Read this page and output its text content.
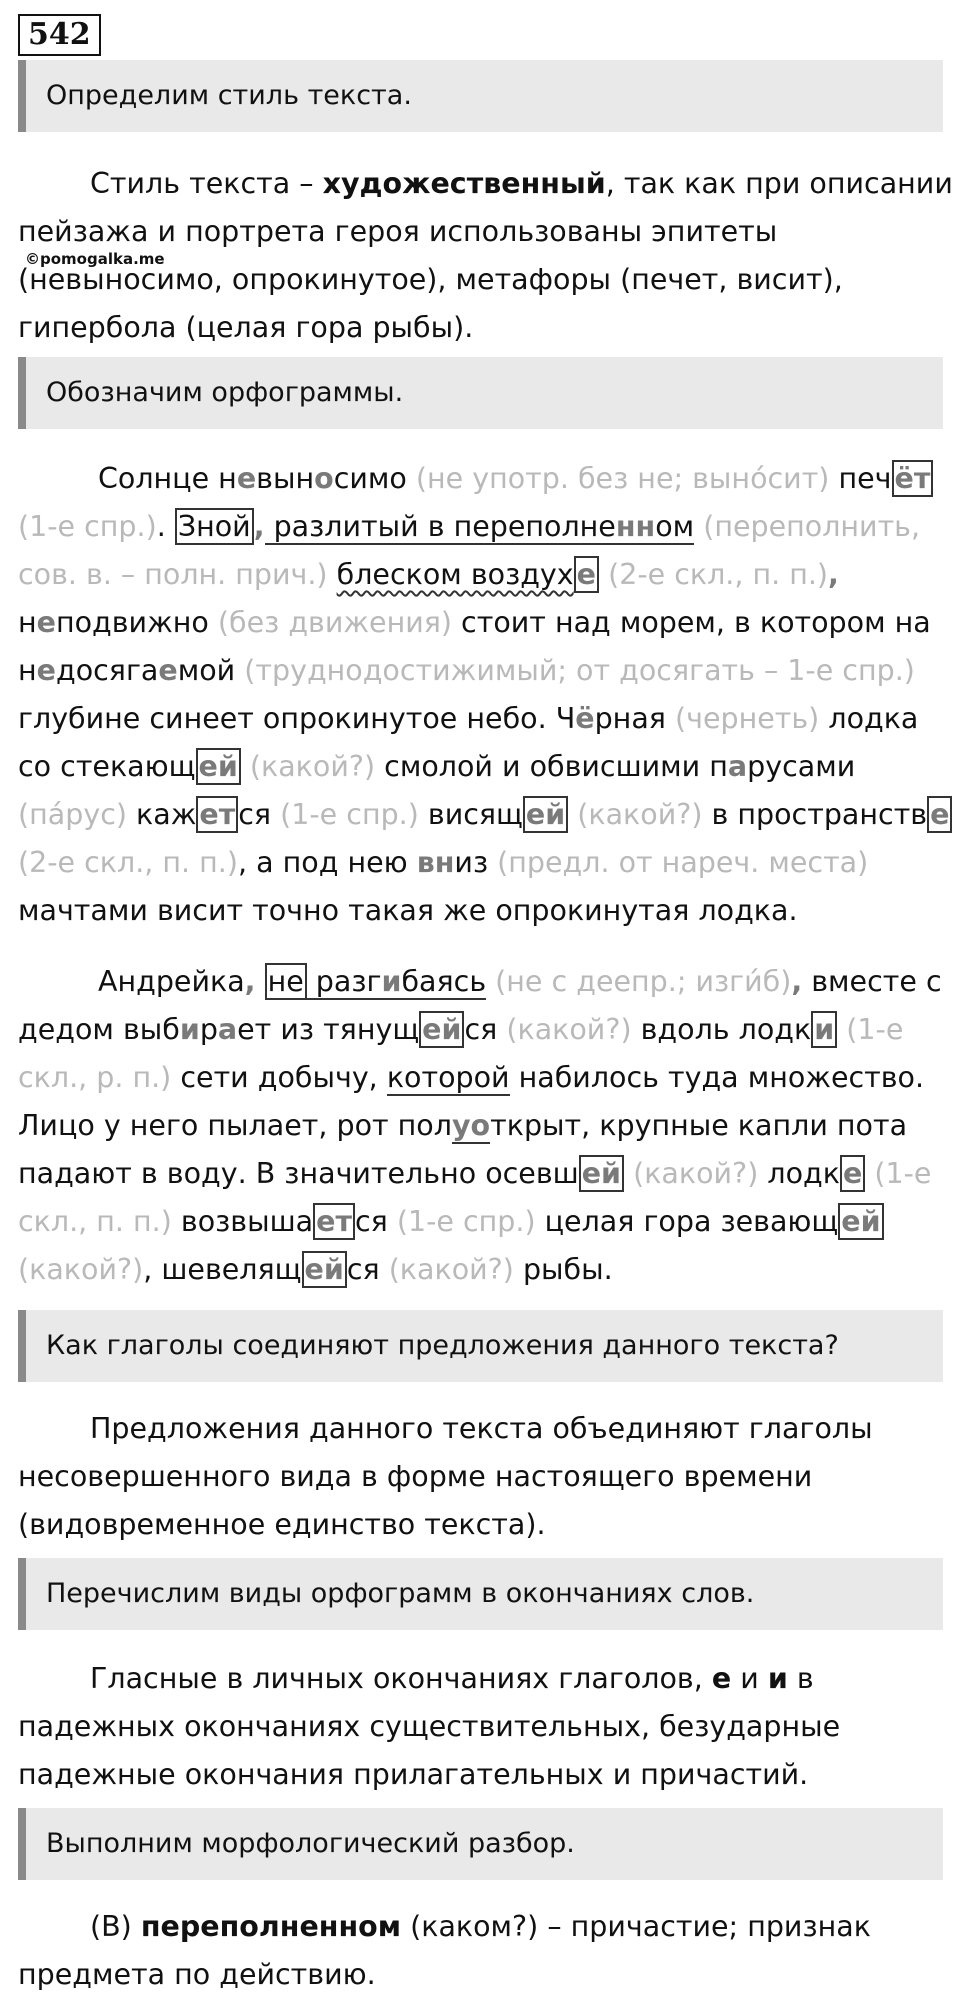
542
Определим стиль текста.
Стиль текста – художественный, так как при описании
пейзажа и портрета героя использованы эпитеты
(невыносимо, опрокинутое), метафоры (печет, висит),
гипербола (целая гора рыбы).
©pomogalka.me
Обозначим орфограммы.
Солнце невыносимо (не употр. без не; выно́сит) печ ёт
(1-е спр.). Зной , разлитый в переполненном (переполнить,
сов. в. – полн. прич.) блеском воздух е (2-е скл., п. п.),
неподвижно (без движения) стоит над морем, в котором на
недосягаемой (труднодостижимый; от досягать – 1-е спр.)
глубине синеет опрокинутое небо. Чёрная (чернеть) лодка
со стекающ ей (какой?) смолой и обвисшими парусами
(пáрус) каж ет ся (1-е спр.) висящ ей (какой?) в пространств е
(2-е скл., п. п.), а под нею вниз (предл. от нареч. места)
мачтами висит точно такая же опрокинутая лодка.
Андрейка, не разгибаясь (не с деепр.; изги́б), вместе с
дедом выбирает из тянущ ей ся (какой?) вдоль лодк и (1-е
скл., р. п.) сети добычу, которой набилось туда множество.
Лицо у него пылает, рот полуоткрыт, крупные капли пота
падают в воду. В значительно осевш ей (какой?) лодк е (1-е
скл., п. п.) возвыша ет ся (1-е спр.) целая гора зевающ ей
(какой?), шевелящ ей ся (какой?) рыбы.
Как глаголы соединяют предложения данного текста?
Предложения данного текста объединяют глаголы
несовершенного вида в форме настоящего времени
(видовременное единство текста).
Перечислим виды орфограмм в окончаниях слов.
Гласные в личных окончаниях глаголов, е и и в
падежных окончаниях существительных, безударные
падежные окончания прилагательных и причастий.
Выполним морфологический разбор.
(В) переполненном (каком?) – причастие; признак
предмета по действию.
